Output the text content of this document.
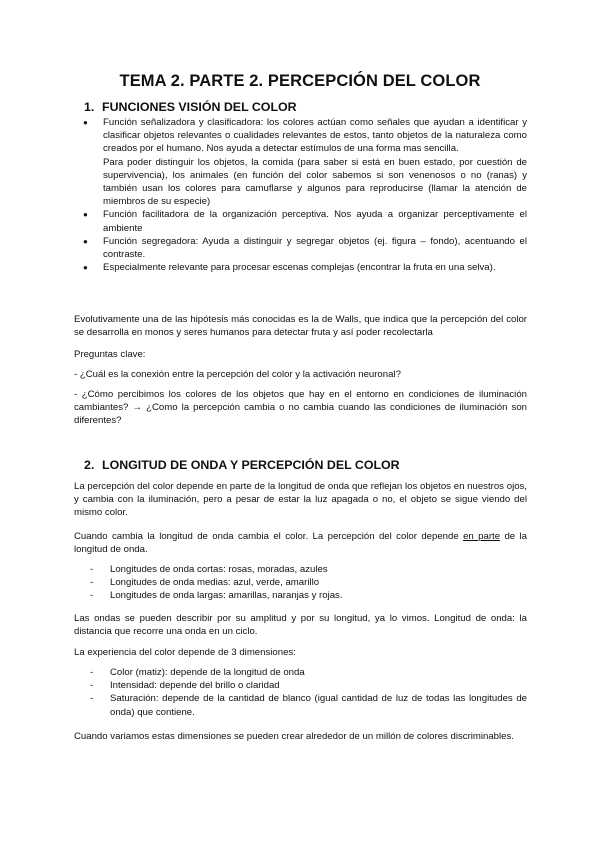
TEMA 2. PARTE 2. PERCEPCIÓN DEL COLOR
1. FUNCIONES VISIÓN DEL COLOR
● Función señalizadora y clasificadora: los colores actúan como señales que ayudan a identificar y clasificar objetos relevantes o cualidades relevantes de estos, tanto objetos de la naturaleza como creados por el humano. Nos ayuda a detectar estímulos de una forma mas sencilla.
Para poder distinguir los objetos, la comida (para saber si está en buen estado, por cuestión de supervivencia), los animales (en función del color sabemos si son venenosos o no (ranas) y también usan los colores para camuflarse y algunos para reproducirse (llamar la atención de miembros de su especie)
● Función facilitadora de la organización perceptiva. Nos ayuda a organizar perceptivamente el ambiente
● Función segregadora: Ayuda a distinguir y segregar objetos (ej. figura – fondo), acentuando el contraste.
● Especialmente relevante para procesar escenas complejas (encontrar la fruta en una selva).

Evolutivamente una de las hipótesis más conocidas es la de Walls, que indica que la percepción del color se desarrolla en monos y seres humanos para detectar fruta y así poder recolectarla

Preguntas clave:

- ¿Cuál es la conexión entre la percepción del color y la activación neuronal?

- ¿Cómo percibimos los colores de los objetos que hay en el entorno en condiciones de iluminación cambiantes? → ¿Como la percepción cambia o no cambia cuando las condiciones de iluminación son diferentes?

2. LONGITUD DE ONDA Y PERCEPCIÓN DEL COLOR

La percepción del color depende en parte de la longitud de onda que reflejan los objetos en nuestros ojos, y cambia con la iluminación, pero a pesar de estar la luz apagada o no, el objeto se sigue viendo del mismo color.

Cuando cambia la longitud de onda cambia el color. La percepción del color depende en parte de la longitud de onda.

- Longitudes de onda cortas: rosas, moradas, azules
- Longitudes de onda medias: azul, verde, amarillo
- Longitudes de onda largas: amarillas, naranjas y rojas.

Las ondas se pueden describir por su amplitud y por su longitud, ya lo vimos. Longitud de onda: la distancia que recorre una onda en un ciclo.

La experiencia del color depende de 3 dimensiones:

- Color (matiz): depende de la longitud de onda
- Intensidad: depende del brillo o claridad
- Saturación: depende de la cantidad de blanco (igual cantidad de luz de todas las longitudes de onda) que contiene.

Cuando variamos estas dimensiones se pueden crear alrededor de un millón de colores discriminables.
